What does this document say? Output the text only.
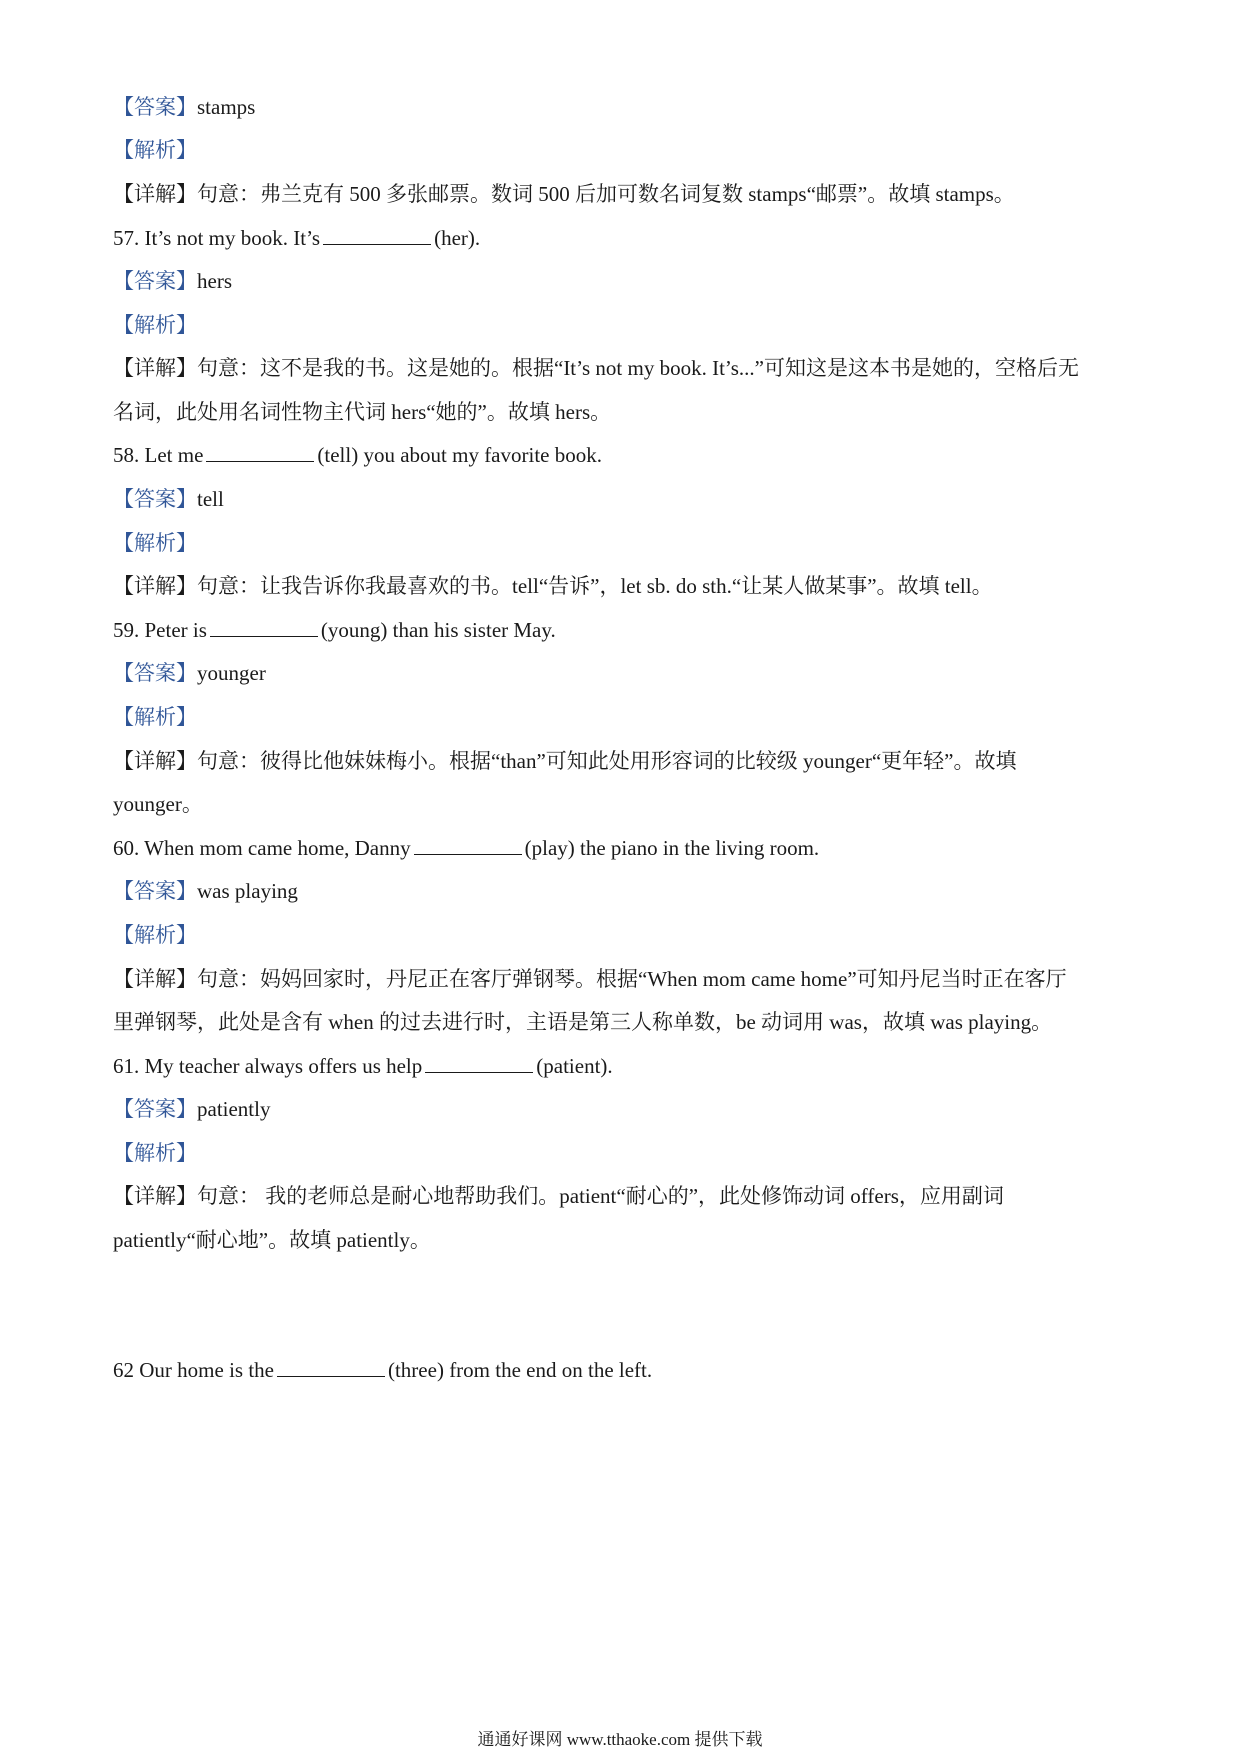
【答案】stamps
【解析】
【详解】句意：弗兰克有 500 多张邮票。数词 500 后加可数名词复数 stamps“邮票”。故填 stamps。
57. It’s not my book. It’s	(her).
【答案】hers
【解析】
【详解】句意：这不是我的书。这是她的。根据“It’s not my book. It’s...”可知这是这本书是她的，空格后无
名词，此处用名词性物主代词 hers“她的”。故填 hers。
58. Let me	(tell) you about my favorite book.
【答案】tell
【解析】
【详解】句意：让我告诉你我最喜欢的书。tell“告诉”，let sb. do sth.“让某人做某事”。故填 tell。
59. Peter is	(young) than his sister May.
【答案】younger
【解析】
【详解】句意：彼得比他妹妹梅小。根据“than”可知此处用形容词的比较级 younger“更年轻”。故填
younger。
60. When mom came home, Danny	(play) the piano in the living room.
【答案】was playing
【解析】
【详解】句意：妈妈回家时，丹尼正在客厅弹钢琴。根据“When mom came home”可知丹尼当时正在客厅
里弹钢琴，此处是含有 when 的过去进行时，主语是第三人称单数，be 动词用 was，故填 was playing。
61. My teacher always offers us help	(patient).
【答案】patiently
【解析】
【详解】句意： 我的老师总是耐心地帮助我们。patient“耐心的”，此处修饰动词 offers，应用副词
patiently“耐心地”。故填 patiently。
62 Our home is the	(three) from the end on the left.
通通好课网 www.tthaoke.com 提供下载
